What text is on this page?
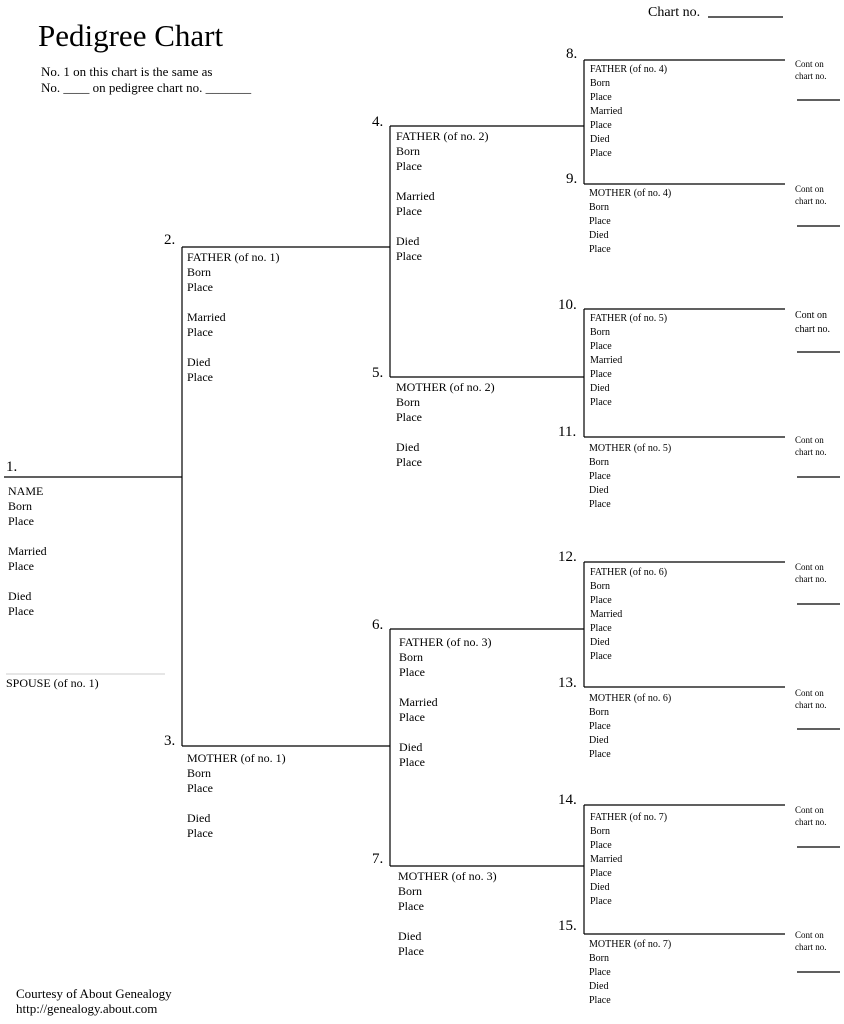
Pedigree Chart
Chart no.
No. 1 on this chart is the same as
No. ____ on pedigree chart no. _______
1.
NAME
Born
Place
Married
Place
Died
Place
SPOUSE (of no. 1)
2.
FATHER (of no. 1)
Born
Place
Married
Place
Died
Place
3.
MOTHER (of no. 1)
Born
Place
Died
Place
4.
FATHER (of no. 2)
Born
Place
Married
Place
Died
Place
5.
MOTHER (of no. 2)
Born
Place
Died
Place
6.
FATHER (of no. 3)
Born
Place
Married
Place
Died
Place
7.
MOTHER (of no. 3)
Born
Place
Died
Place
8.
FATHER (of no. 4)
Born
Place
Married
Place
Died
Place
Cont on
chart no.
9.
MOTHER (of no. 4)
Born
Place
Died
Place
Cont on
chart no.
10.
FATHER (of no. 5)
Born
Place
Married
Place
Died
Place
Cont on
chart no.
11.
MOTHER (of no. 5)
Born
Place
Died
Place
Cont on
chart no.
12.
FATHER (of no. 6)
Born
Place
Married
Place
Died
Place
Cont on
chart no.
13.
MOTHER (of no. 6)
Born
Place
Died
Place
Cont on
chart no.
14.
FATHER (of no. 7)
Born
Place
Married
Place
Died
Place
Cont on
chart no.
15.
MOTHER (of no. 7)
Born
Place
Died
Place
Cont on
chart no.
Courtesy of About Genealogy
http://genealogy.about.com
